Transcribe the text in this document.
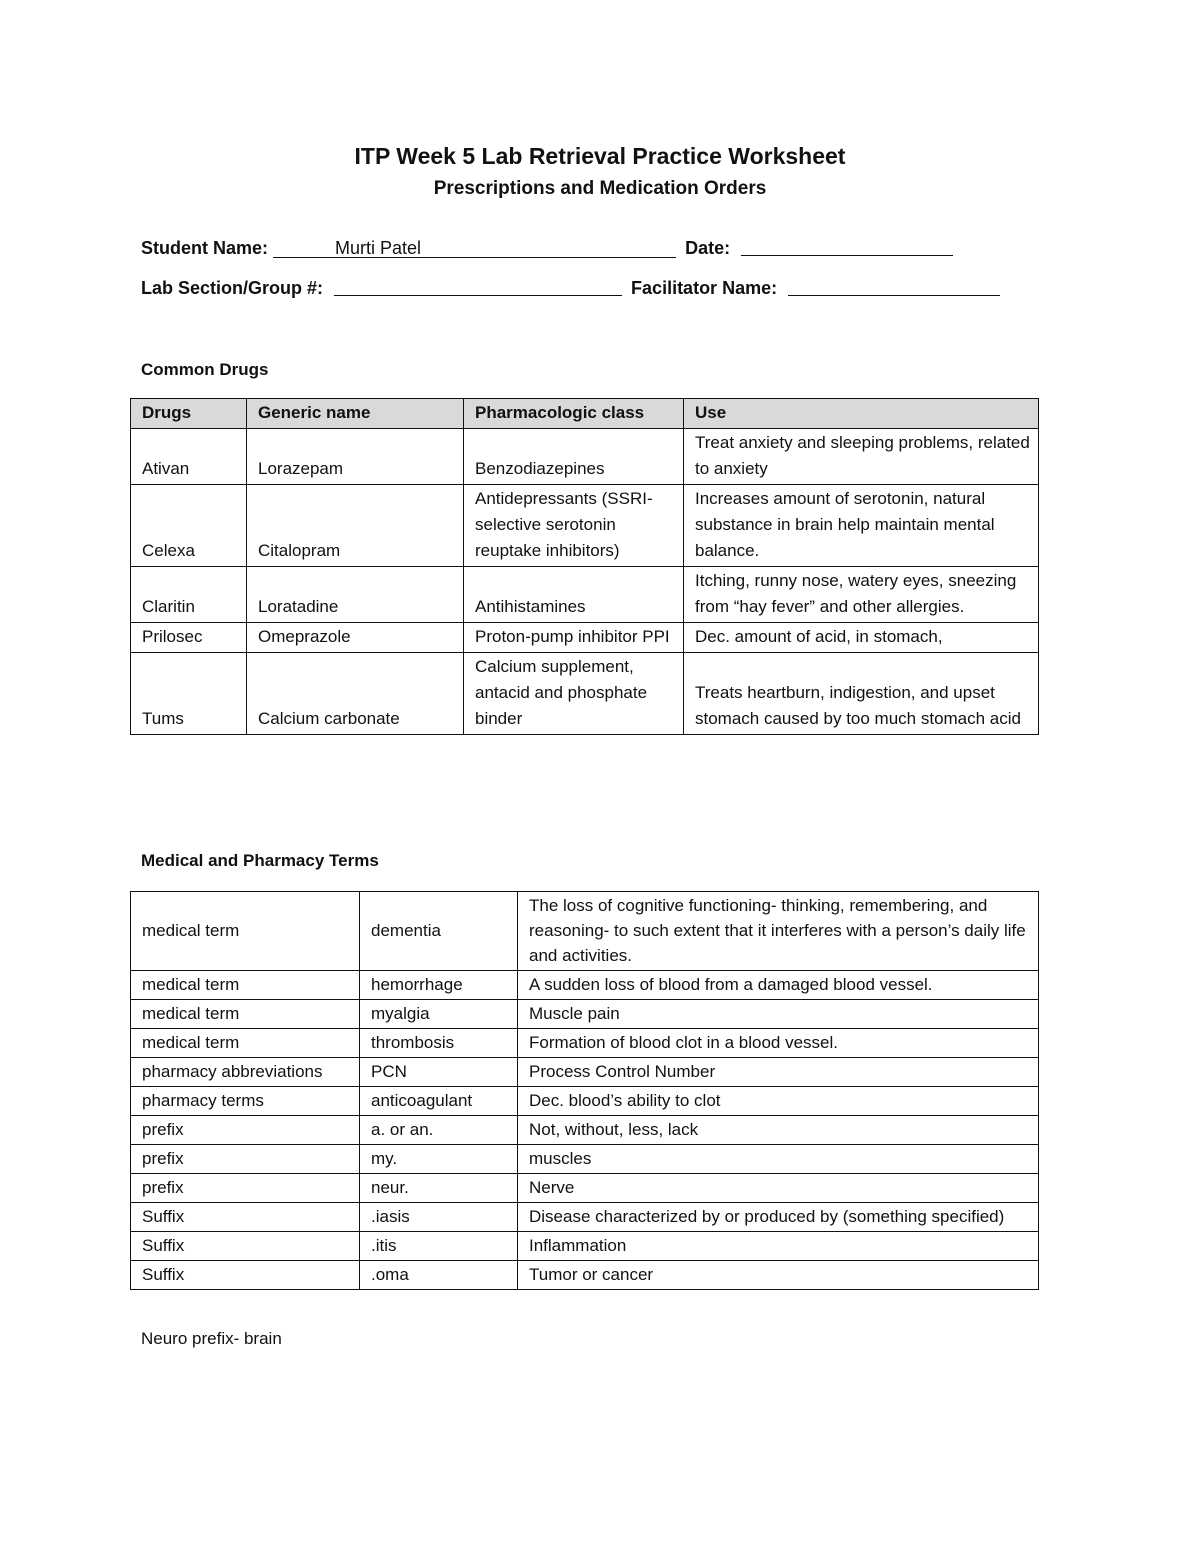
ITP Week 5 Lab Retrieval Practice Worksheet
Prescriptions and Medication Orders
Student Name:	Murti Patel	Date:
Lab Section/Group #:	Facilitator Name:
Common Drugs
Drugs	Generic name	Pharmacologic class	Use
Ativan	Lorazepam	Benzodiazepines	Treat anxiety and sleeping problems, related to anxiety
Celexa	Citalopram	Antidepressants (SSRI- selective serotonin reuptake inhibitors)	Increases amount of serotonin, natural substance in brain help maintain mental balance.
Claritin	Loratadine	Antihistamines	Itching, runny nose, watery eyes, sneezing from “hay fever” and other allergies.
Prilosec	Omeprazole	Proton-pump inhibitor PPI	Dec. amount of acid, in stomach,
Tums	Calcium carbonate	Calcium supplement, antacid and phosphate binder	Treats heartburn, indigestion, and upset stomach caused by too much stomach acid
Medical and Pharmacy Terms
medical term	dementia	The loss of cognitive functioning- thinking, remembering, and reasoning- to such extent that it interferes with a person’s daily life and activities.
medical term	hemorrhage	A sudden loss of blood from a damaged blood vessel.
medical term	myalgia	Muscle pain
medical term	thrombosis	Formation of blood clot in a blood vessel.
pharmacy abbreviations	PCN	Process Control Number
pharmacy terms	anticoagulant	Dec. blood’s ability to clot
prefix	a. or an.	Not, without, less, lack
prefix	my.	muscles
prefix	neur.	Nerve
Suffix	.iasis	Disease characterized by or produced by (something specified)
Suffix	.itis	Inflammation
Suffix	.oma	Tumor or cancer
Neuro prefix- brain
